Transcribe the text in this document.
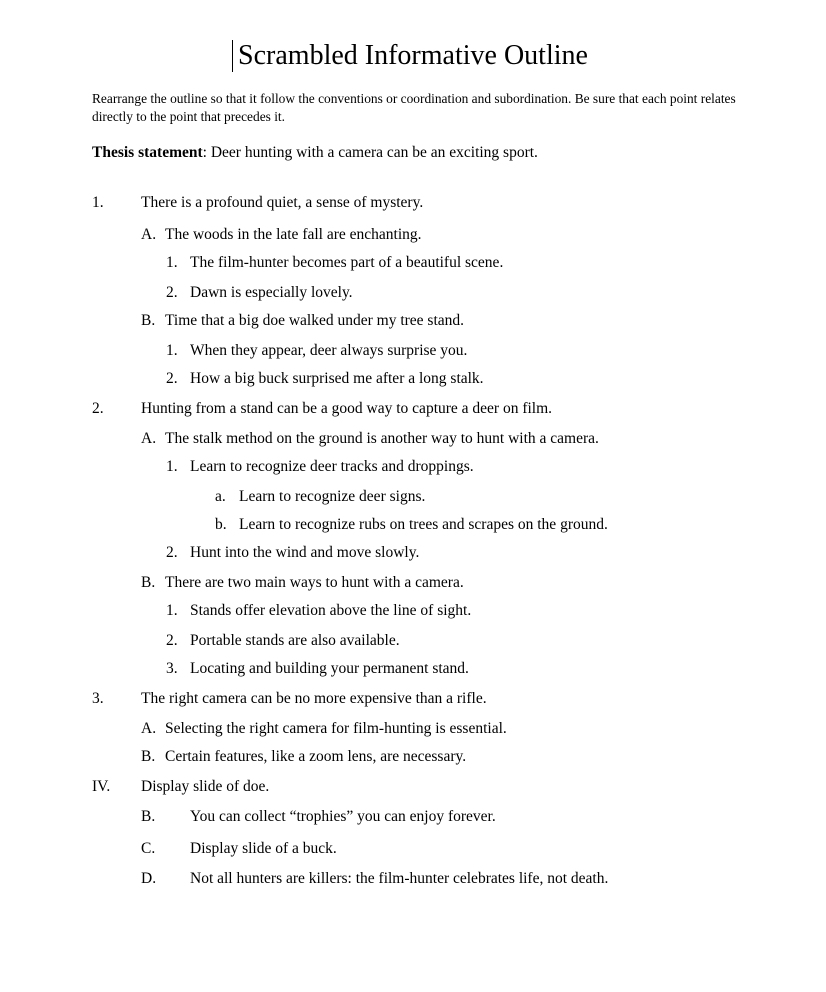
Scrambled Informative Outline
Rearrange the outline so that it follow the conventions or coordination and subordination. Be sure that each point relates directly to the point that precedes it.
Thesis statement: Deer hunting with a camera can be an exciting sport.
1. There is a profound quiet, a sense of mystery.
A. The woods in the late fall are enchanting.
1. The film-hunter becomes part of a beautiful scene.
2. Dawn is especially lovely.
B. Time that a big doe walked under my tree stand.
1. When they appear, deer always surprise you.
2. How a big buck surprised me after a long stalk.
2. Hunting from a stand can be a good way to capture a deer on film.
A. The stalk method on the ground is another way to hunt with a camera.
1. Learn to recognize deer tracks and droppings.
a. Learn to recognize deer signs.
b. Learn to recognize rubs on trees and scrapes on the ground.
2. Hunt into the wind and move slowly.
B. There are two main ways to hunt with a camera.
1. Stands offer elevation above the line of sight.
2. Portable stands are also available.
3. Locating and building your permanent stand.
3. The right camera can be no more expensive than a rifle.
A. Selecting the right camera for film-hunting is essential.
B. Certain features, like a zoom lens, are necessary.
IV. Display slide of doe.
B. You can collect “trophies” you can enjoy forever.
C. Display slide of a buck.
D. Not all hunters are killers: the film-hunter celebrates life, not death.
